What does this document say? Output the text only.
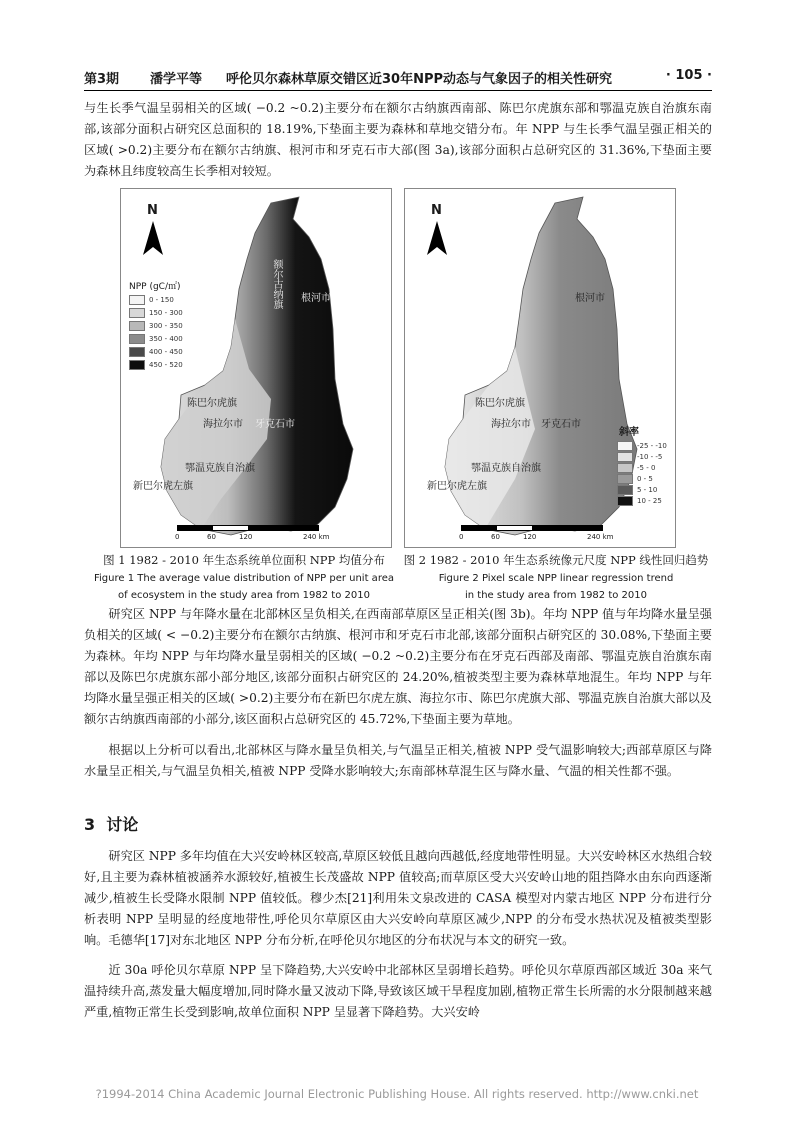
第3期 潘学平等 呼伦贝尔森林草原交错区近30年NPP动态与气象因子的相关性研究	· 105 ·

与生长季气温呈弱相关的区域( −0.2 ~0.2)主要分布在额尔古纳旗西南部、陈巴尔虎旗东部和鄂温克族自治旗东南部,该部分面积占研究区总面积的 18.19%,下垫面主要为森林和草地交错分布。年 NPP 与生长季气温呈强正相关的区域( >0.2)主要分布在额尔古纳旗、根河市和牙克石市大部(图 3a),该部分面积占总研究区的 31.36%,下垫面主要为森林且纬度较高生长季相对较短。

N
NPP (gC/㎡)	额尔古纳旗 根河市
陈巴尔虎旗
海拉尔市 牙克石市
鄂温克族自治旗
新巴尔虎左旗
0	60	120	240 km
0 - 150
150 - 300
300 - 350
350 - 400
400 - 450
450 - 520
图 1 1982 - 2010 年生态系统单位面积 NPP 均值分布
Figure 1 The average value distribution of NPP per unit area
of ecosystem in the study area from 1982 to 2010
N
根河市
陈巴尔虎旗
海拉尔市 牙克石市
鄂温克族自治旗
新巴尔虎左旗
斜率
0	60	120	240 km
-25 - -10
-10 - -5
-5 - 0
0 - 5
5 - 10
10 - 25
图 2 1982 - 2010 年生态系统像元尺度 NPP 线性回归趋势
Figure 2 Pixel scale NPP linear regression trend
in the study area from 1982 to 2010

研究区 NPP 与年降水量在北部林区呈负相关,在西南部草原区呈正相关(图 3b)。年均 NPP 值与年均降水量呈强负相关的区域( < −0.2)主要分布在额尔古纳旗、根河市和牙克石市北部,该部分面积占研究区的 30.08%,下垫面主要为森林。年均 NPP 与年均降水量呈弱相关的区域( −0.2 ~0.2)主要分布在牙克石西部及南部、鄂温克族自治旗东南部以及陈巴尔虎旗东部小部分地区,该部分面积占研究区的 24.20%,植被类型主要为森林草地混生。年均 NPP 与年均降水量呈强正相关的区域( >0.2)主要分布在新巴尔虎左旗、海拉尔市、陈巴尔虎旗大部、鄂温克族自治旗大部以及额尔古纳旗西南部的小部分,该区面积占总研究区的 45.72%,下垫面主要为草地。

根据以上分析可以看出,北部林区与降水量呈负相关,与气温呈正相关,植被 NPP 受气温影响较大;西部草原区与降水量呈正相关,与气温呈负相关,植被 NPP 受降水影响较大;东南部林草混生区与降水量、气温的相关性都不强。

3 讨论

研究区 NPP 多年均值在大兴安岭林区较高,草原区较低且越向西越低,经度地带性明显。大兴安岭林区水热组合较好,且主要为森林植被涵养水源较好,植被生长茂盛故 NPP 值较高;而草原区受大兴安岭山地的阻挡降水由东向西逐渐减少,植被生长受降水限制 NPP 值较低。穆少杰[21]利用朱文泉改进的 CASA 模型对内蒙古地区 NPP 分布进行分析表明 NPP 呈明显的经度地带性,呼伦贝尔草原区由大兴安岭向草原区减少,NPP 的分布受水热状况及植被类型影响。毛德华[17]对东北地区 NPP 分布分析,在呼伦贝尔地区的分布状况与本文的研究一致。

近 30a 呼伦贝尔草原 NPP 呈下降趋势,大兴安岭中北部林区呈弱增长趋势。呼伦贝尔草原西部区域近 30a 来气温持续升高,蒸发量大幅度增加,同时降水量又波动下降,导致该区域干旱程度加剧,植物正常生长所需的水分限制越来越严重,植物正常生长受到影响,故单位面积 NPP 呈显著下降趋势。大兴安岭

?1994-2014 China Academic Journal Electronic Publishing House. All rights reserved. http://www.cnki.net
